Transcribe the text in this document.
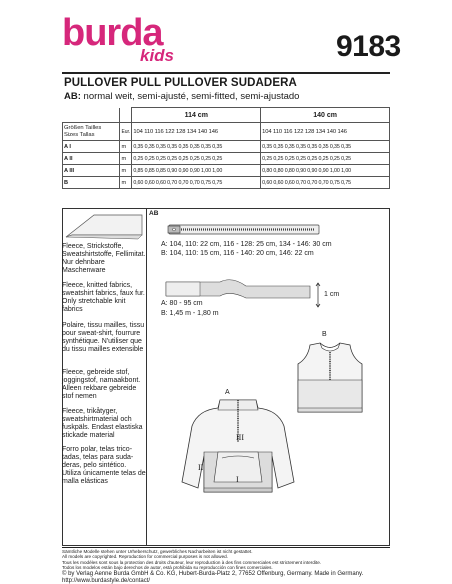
burda
kids	9183
PULLOVER PULL PULLOVER SUDADERA
AB: normal weit, semi-ajusté, semi-fitted, semi-ajustado
		114 cm	140 cm

Größen Tailles
Sizes Tallas	Eur.	104 110 116 122 128 134 140 146	104 110 116 122 128 134 140 146
A I	m	0,35 0,35 0,35 0,35 0,35 0,35 0,35 0,35	0,35 0,35 0,35 0,35 0,35 0,35 0,35 0,35
A II	m	0,25 0,25 0,25 0,25 0,25 0,25 0,25 0,25	0,25 0,25 0,25 0,25 0,25 0,25 0,25 0,25
A III	m	0,85 0,85 0,85 0,90 0,90 0,90 1,00 1,00	0,80 0,80 0,80 0,90 0,90 0,90 1,00 1,00
B	m	0,60 0,60 0,60 0,70 0,70 0,70 0,75 0,75	0,60 0,60 0,60 0,70 0,70 0,70 0,75 0,75
Fleece, Strickstoffe, Sweatshirtstoffe, Fellimitat. Nur dehnbare Maschenware
Fleece, knitted fabrics, sweatshirt fabrics, faux fur. Only stretchable knit fabrics
Polaire, tissu mailles, tissu pour sweat-shirt, fourrure synthétique. N'utiliser que du tissu mailles extensible
Fleece, gebreide stof, joggingstof, namaakbont. Alleen rekbare gebreide stof nemen
Fleece, trikåtyger, sweatshirtmaterial och fuskpäls. Endast elastiska stickade material
Forro polar, telas tricotadas, telas para sudaderas, pelo sintético. Utiliza únicamente telas de malla elásticas
AB
A: 104, 110: 22 cm, 116 - 128: 25 cm, 134 - 146: 30 cm
B: 104, 110: 15 cm, 116 - 140: 20 cm, 146: 22 cm
1 cm
A: 80 - 95 cm
B: 1,45 m - 1,80 m
B
A
III
II
I
Sämtliche Modelle stehen unter Urheberschutz, gewerbliches Nacharbeiten ist nicht gestattet.
All models are copyrighted. Reproduction for commercial purposes is not allowed.
Tous les modèles sont sous la protection des droits d'auteur, leur reproduction à des fins commerciales est strictement interdite.
Todos los modelos están bajo derechos de autor, está prohibida su reproducción con fines comerciales.
© by Verlag Aenne Burda GmbH & Co. KG, Hubert-Burda-Platz 2, 77652 Offenburg, Germany. Made in Germany.
http://www.burdastyle.de/contact/
